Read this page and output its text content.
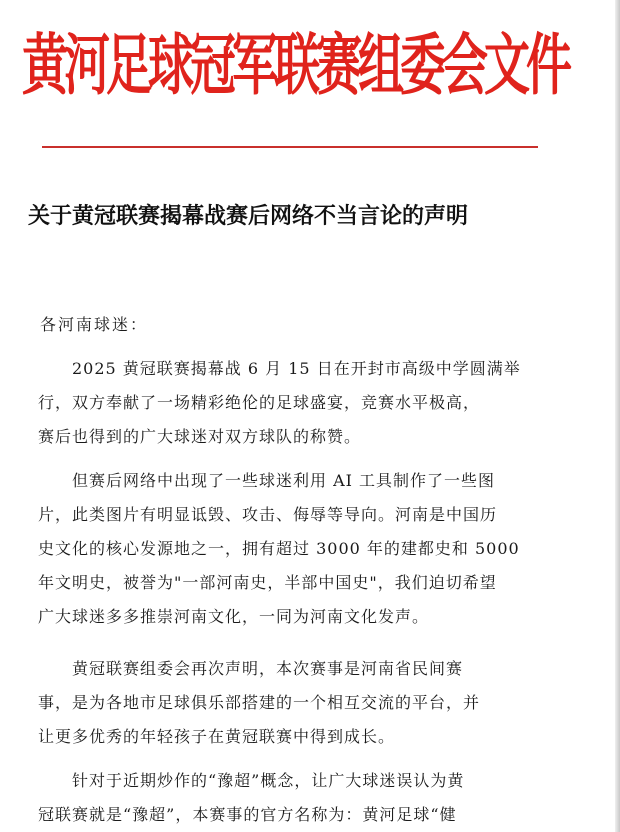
黄河足球冠军联赛组委会文件
关于黄冠联赛揭幕战赛后网络不当言论的声明
各河南球迷：
2025 黄冠联赛揭幕战 6 月 15 日在开封市高级中学圆满举
行，双方奉献了一场精彩绝伦的足球盛宴，竞赛水平极高，
赛后也得到的广大球迷对双方球队的称赞。
但赛后网络中出现了一些球迷利用 AI 工具制作了一些图
片，此类图片有明显诋毁、攻击、侮辱等导向。河南是中国历
史文化的核心发源地之一，拥有超过 3000 年的建都史和 5000
年文明史，被誉为"一部河南史，半部中国史"，我们迫切希望
广大球迷多多推崇河南文化，一同为河南文化发声。
黄冠联赛组委会再次声明，本次赛事是河南省民间赛
事，是为各地市足球俱乐部搭建的一个相互交流的平台，并
让更多优秀的年轻孩子在黄冠联赛中得到成长。
针对于近期炒作的“豫超”概念，让广大球迷误认为黄
冠联赛就是“豫超”，本赛事的官方名称为：黄河足球“健
